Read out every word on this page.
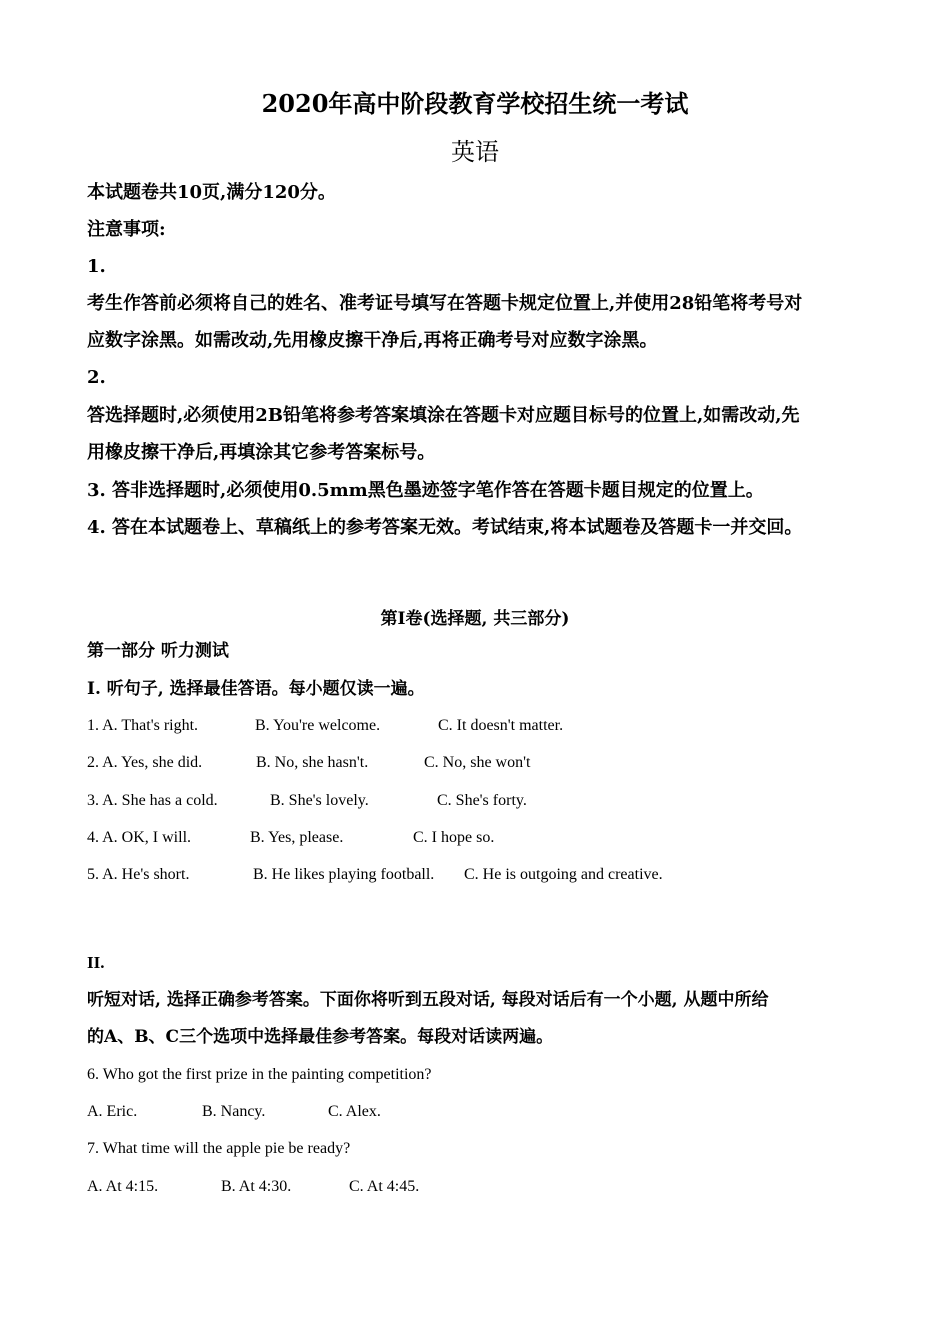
2020年高中阶段教育学校招生统一考试
英语
本试题卷共10页,满分120分。
注意事项:
1.
考生作答前必须将自己的姓名、准考证号填写在答题卡规定位置上,并使用28铅笔将考号对
应数字涂黑。如需改动,先用橡皮擦干净后,再将正确考号对应数字涂黑。
2.
答选择题时,必须使用2B铅笔将参考答案填涂在答题卡对应题目标号的位置上,如需改动,先
用橡皮擦干净后,再填涂其它参考答案标号。
3. 答非选择题时,必须使用0.5mm黑色墨迹签字笔作答在答题卡题目规定的位置上。
4. 答在本试题卷上、草稿纸上的参考答案无效。考试结束,将本试题卷及答题卡一并交回。
第I卷(选择题, 共三部分)
第一部分 听力测试
I. 听句子, 选择最佳答语。每小题仅读一遍。
1. A. That's right.	B. You're welcome.	C. It doesn't matter.
2. A. Yes, she did.	B. No, she hasn't.	C. No, she won't
3. A. She has a cold.	B. She's lovely.	C. She's forty.
4. A. OK, I will.	B. Yes, please.	C. I hope so.
5. A. He's short.	B. He likes playing football. C. He is outgoing and creative.
II.
听短对话, 选择正确参考答案。下面你将听到五段对话, 每段对话后有一个小题, 从题中所给
的A、B、C三个选项中选择最佳参考答案。每段对话读两遍。
6. Who got the first prize in the painting competition?
A. Eric.	B. Nancy.	C. Alex.
7. What time will the apple pie be ready?
A. At 4:15.	B. At 4:30.	C. At 4:45.
